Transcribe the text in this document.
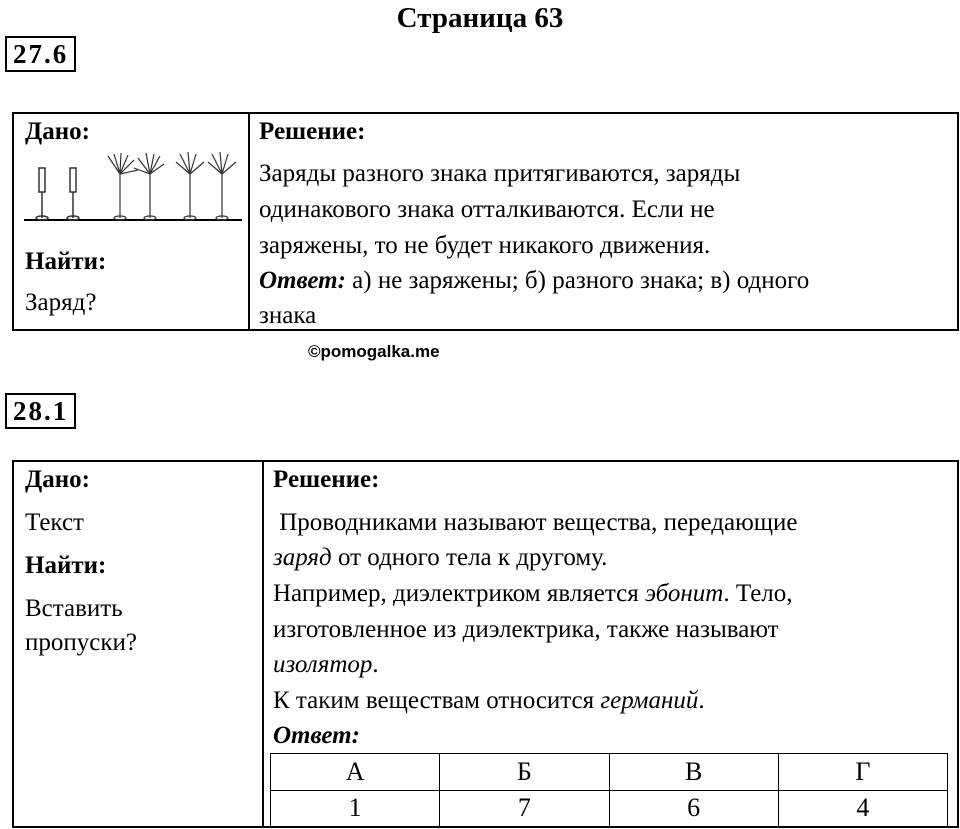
Страница 63
27.6
Дано:
Найти:
Заряд?
Решение:
Заряды разного знака притягиваются, заряды
одинакового знака отталкиваются. Если не
заряжены, то не будет никакого движения.
Ответ: а) не заряжены; б) разного знака; в) одного
знака
©pomogalka.me
28.1
Дано:
Текст
Найти:
Вставить
пропуски?
Решение:
Проводниками называют вещества, передающие
заряд от одного тела к другому.
Например, диэлектриком является эбонит. Тело,
изготовленное из диэлектрика, также называют
изолятор.
К таким веществам относится германий.
Ответ:
А	Б	В	Г
1	7	6	4
